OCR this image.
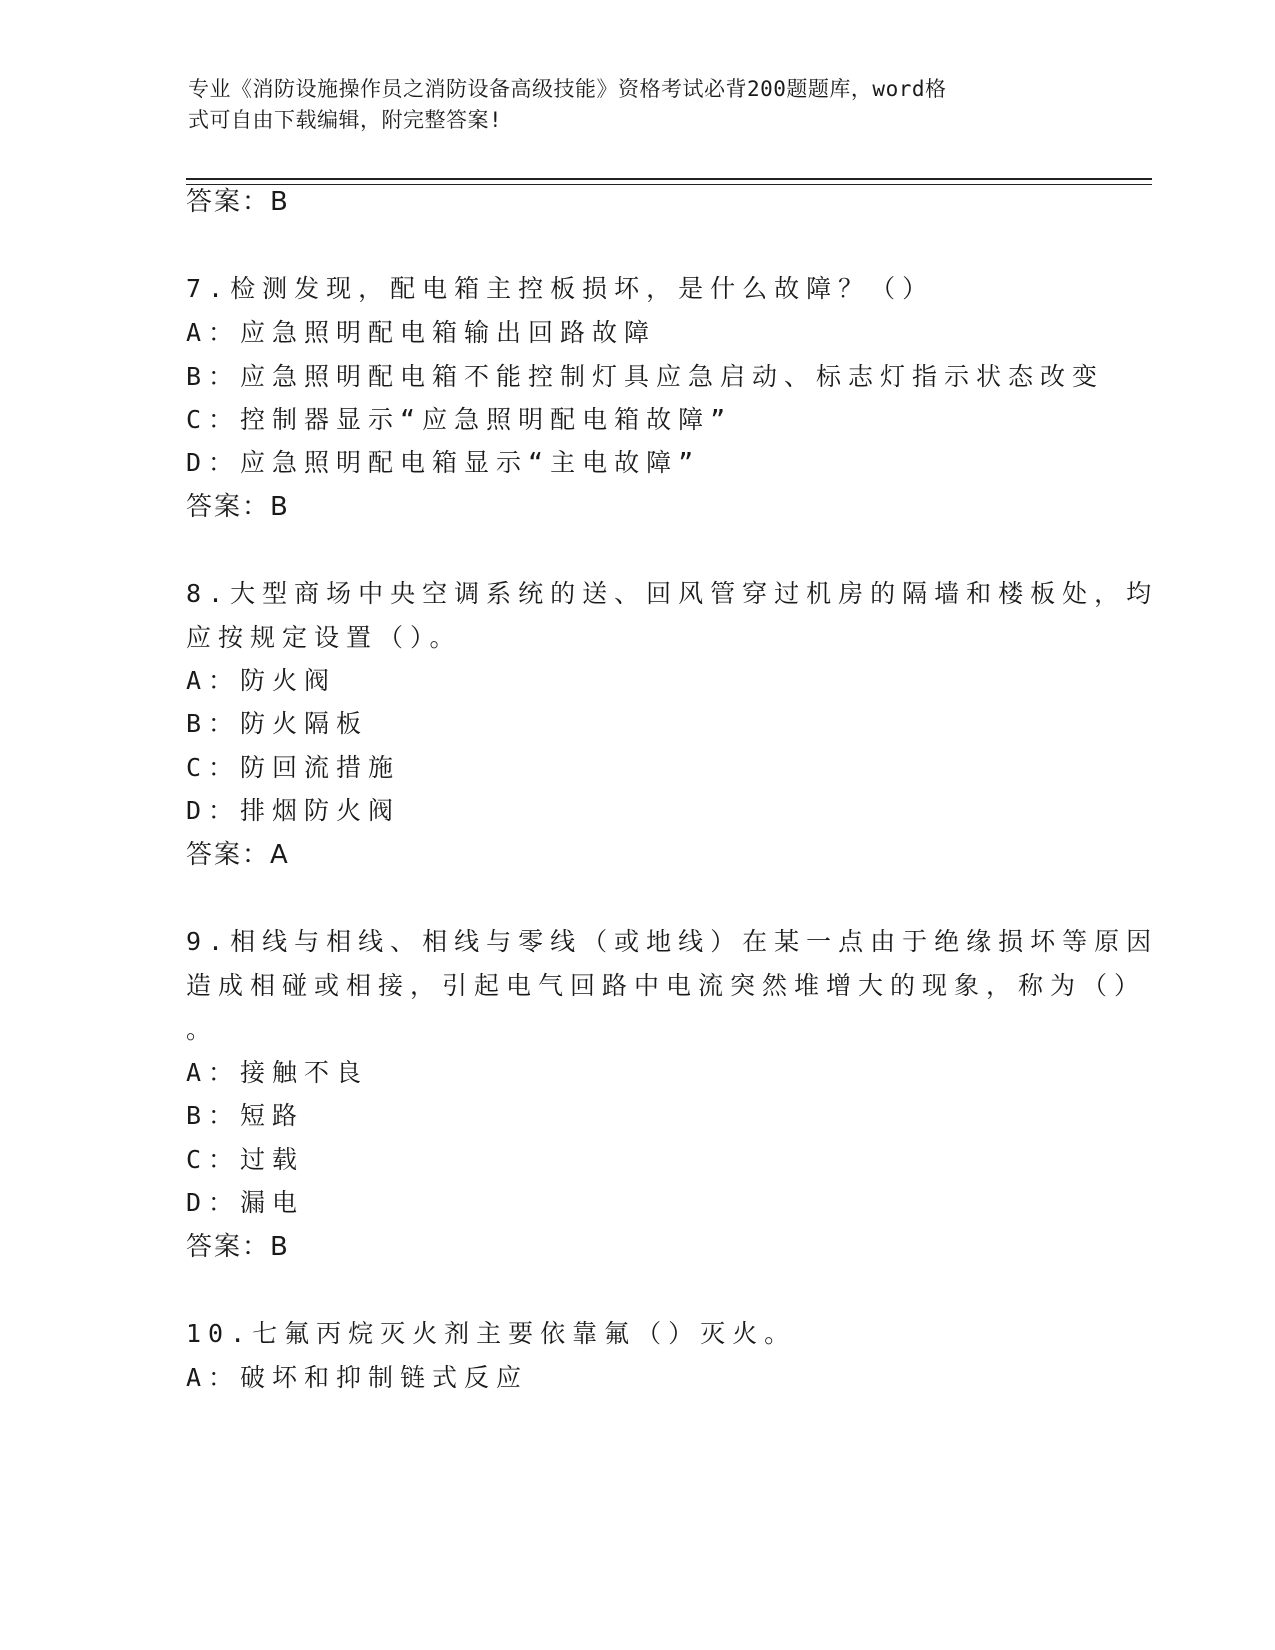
专业《消防设施操作员之消防设备高级技能》资格考试必背200题题库，word格
式可自由下载编辑，附完整答案!
答案：B
7.检测发现，配电箱主控板损坏，是什么故障？（）
A：应急照明配电箱输出回路故障
B：应急照明配电箱不能控制灯具应急启动、标志灯指示状态改变
C：控制器显示“应急照明配电箱故障”
D：应急照明配电箱显示“主电故障”
答案：B
8.大型商场中央空调系统的送、回风管穿过机房的隔墙和楼板处，均
应按规定设置（）。
A：防火阀
B：防火隔板
C：防回流措施
D：排烟防火阀
答案：A
9.相线与相线、相线与零线（或地线）在某一点由于绝缘损坏等原因
造成相碰或相接，引起电气回路中电流突然堆增大的现象，称为（）
。
A：接触不良
B：短路
C：过载
D：漏电
答案：B
10.七氟丙烷灭火剂主要依靠氟（）灭火。
A：破坏和抑制链式反应
